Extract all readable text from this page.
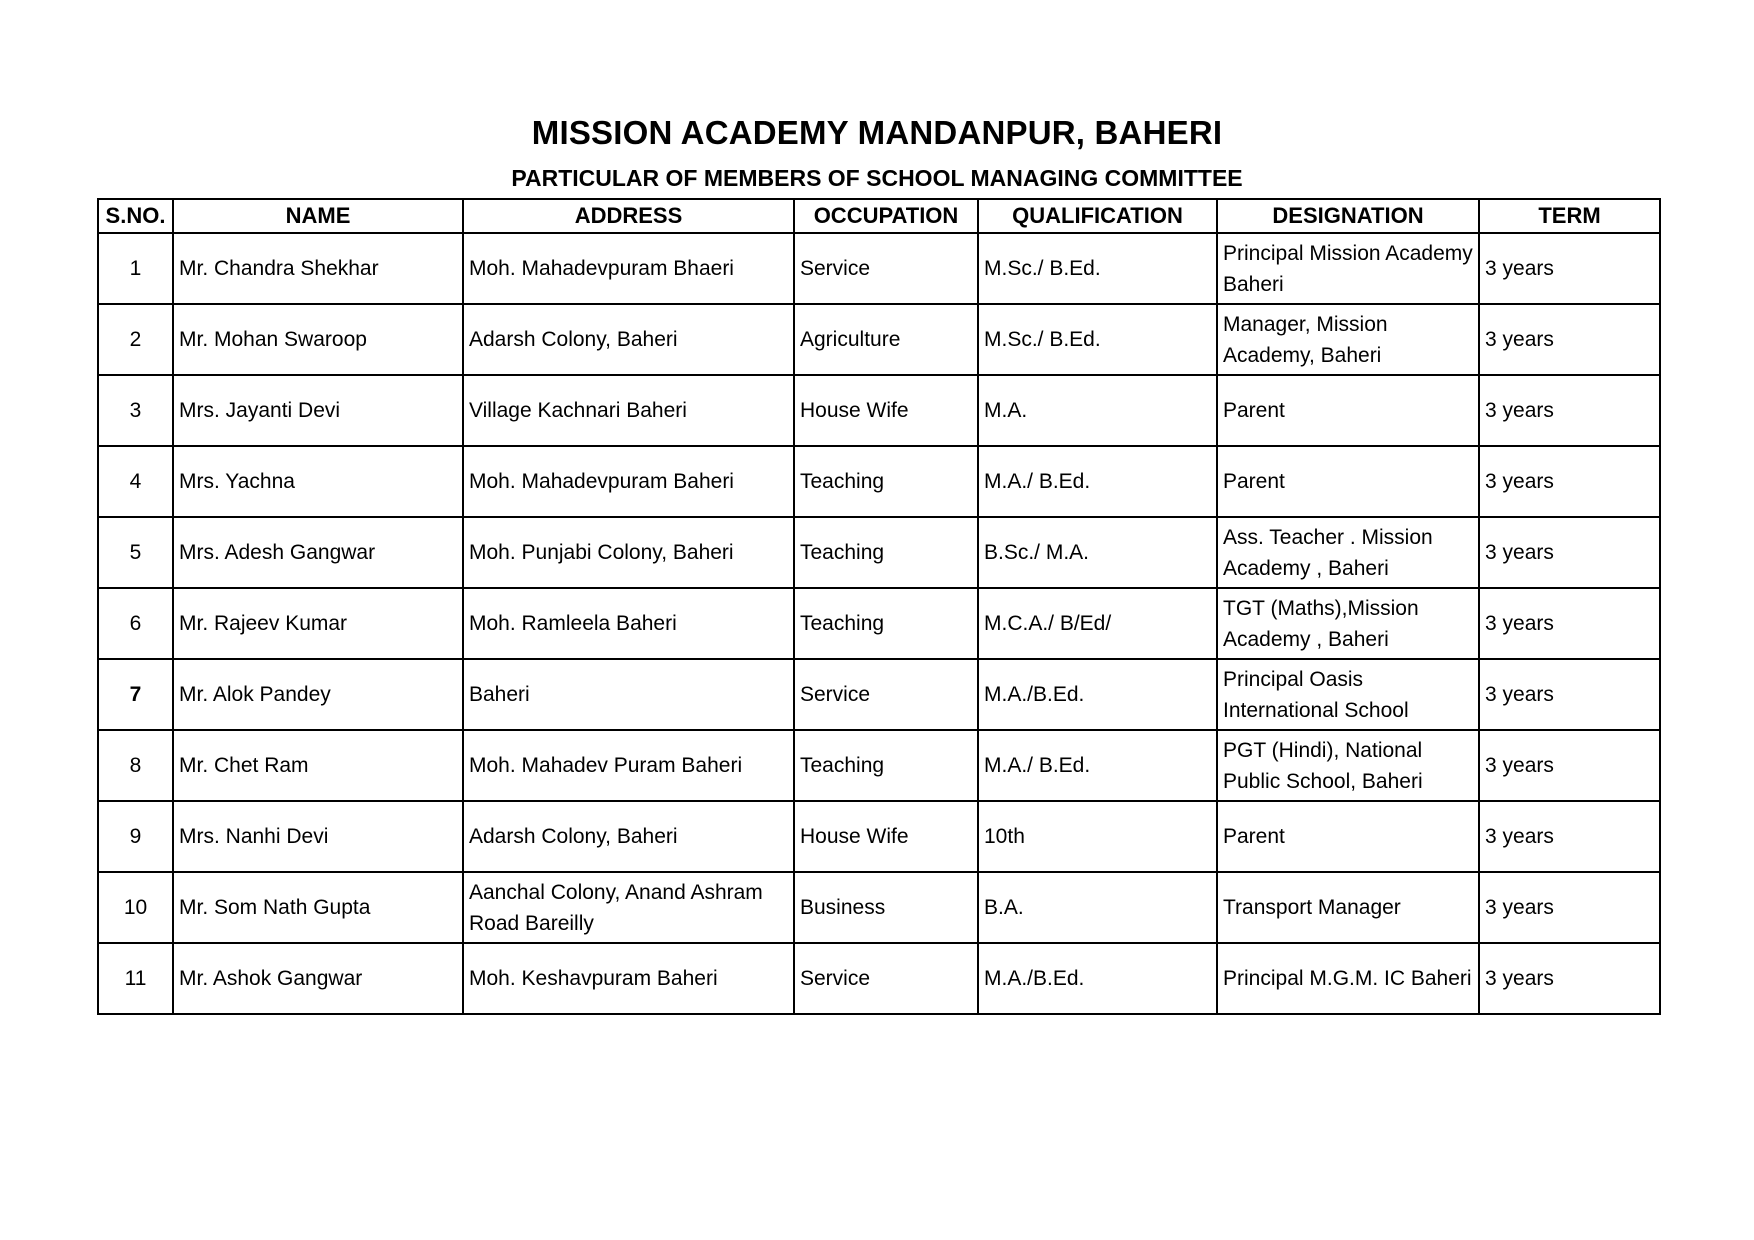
MISSION ACADEMY MANDANPUR, BAHERI
PARTICULAR OF MEMBERS OF SCHOOL MANAGING COMMITTEE
S.NO.	NAME	ADDRESS	OCCUPATION	QUALIFICATION	DESIGNATION	TERM
1	Mr. Chandra Shekhar	Moh. Mahadevpuram Bhaeri	Service	M.Sc./ B.Ed.	Principal Mission Academy Baheri	3 years
2	Mr. Mohan Swaroop	Adarsh Colony, Baheri	Agriculture	M.Sc./ B.Ed.	Manager, Mission Academy, Baheri	3 years
3	Mrs. Jayanti Devi	Village Kachnari Baheri	House Wife	M.A.	Parent	3 years
4	Mrs. Yachna	Moh. Mahadevpuram Baheri	Teaching	M.A./ B.Ed.	Parent	3 years
5	Mrs. Adesh Gangwar	Moh. Punjabi Colony, Baheri	Teaching	B.Sc./ M.A.	Ass. Teacher . Mission Academy , Baheri	3 years
6	Mr. Rajeev Kumar	Moh. Ramleela Baheri	Teaching	M.C.A./ B/Ed/	TGT (Maths),Mission Academy , Baheri	3 years
7	Mr. Alok Pandey	Baheri	Service	M.A./B.Ed.	Principal Oasis International School	3 years
8	Mr. Chet Ram	Moh. Mahadev Puram Baheri	Teaching	M.A./ B.Ed.	PGT (Hindi), National Public School, Baheri	3 years
9	Mrs. Nanhi Devi	Adarsh Colony, Baheri	House Wife	10th	Parent	3 years
10	Mr. Som Nath Gupta	Aanchal Colony, Anand Ashram Road Bareilly	Business	B.A.	Transport Manager	3 years
11	Mr. Ashok Gangwar	Moh. Keshavpuram Baheri	Service	M.A./B.Ed.	Principal M.G.M. IC Baheri	3 years
